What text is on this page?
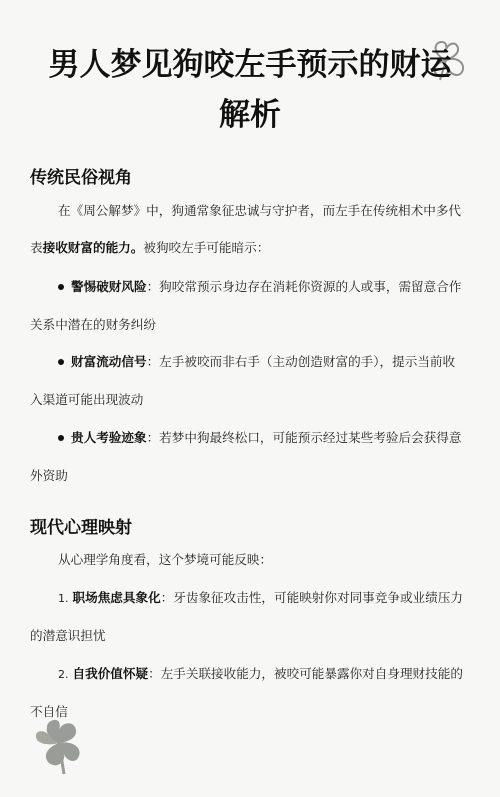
男人梦见狗咬左手预示的财运
解析
传统民俗视角
在《周公解梦》中，狗通常象征忠诚与守护者，而左手在传统相术中多代
表接收财富的能力。被狗咬左手可能暗示：
警惕破财风险：狗咬常预示身边存在消耗你资源的人或事，需留意合作
关系中潜在的财务纠纷
财富流动信号：左手被咬而非右手（主动创造财富的手），提示当前收
入渠道可能出现波动
贵人考验迹象：若梦中狗最终松口，可能预示经过某些考验后会获得意
外资助
现代心理映射
从心理学角度看，这个梦境可能反映：
1. 职场焦虑具象化：牙齿象征攻击性，可能映射你对同事竞争或业绩压力
的潜意识担忧
2. 自我价值怀疑：左手关联接收能力，被咬可能暴露你对自身理财技能的
不自信
